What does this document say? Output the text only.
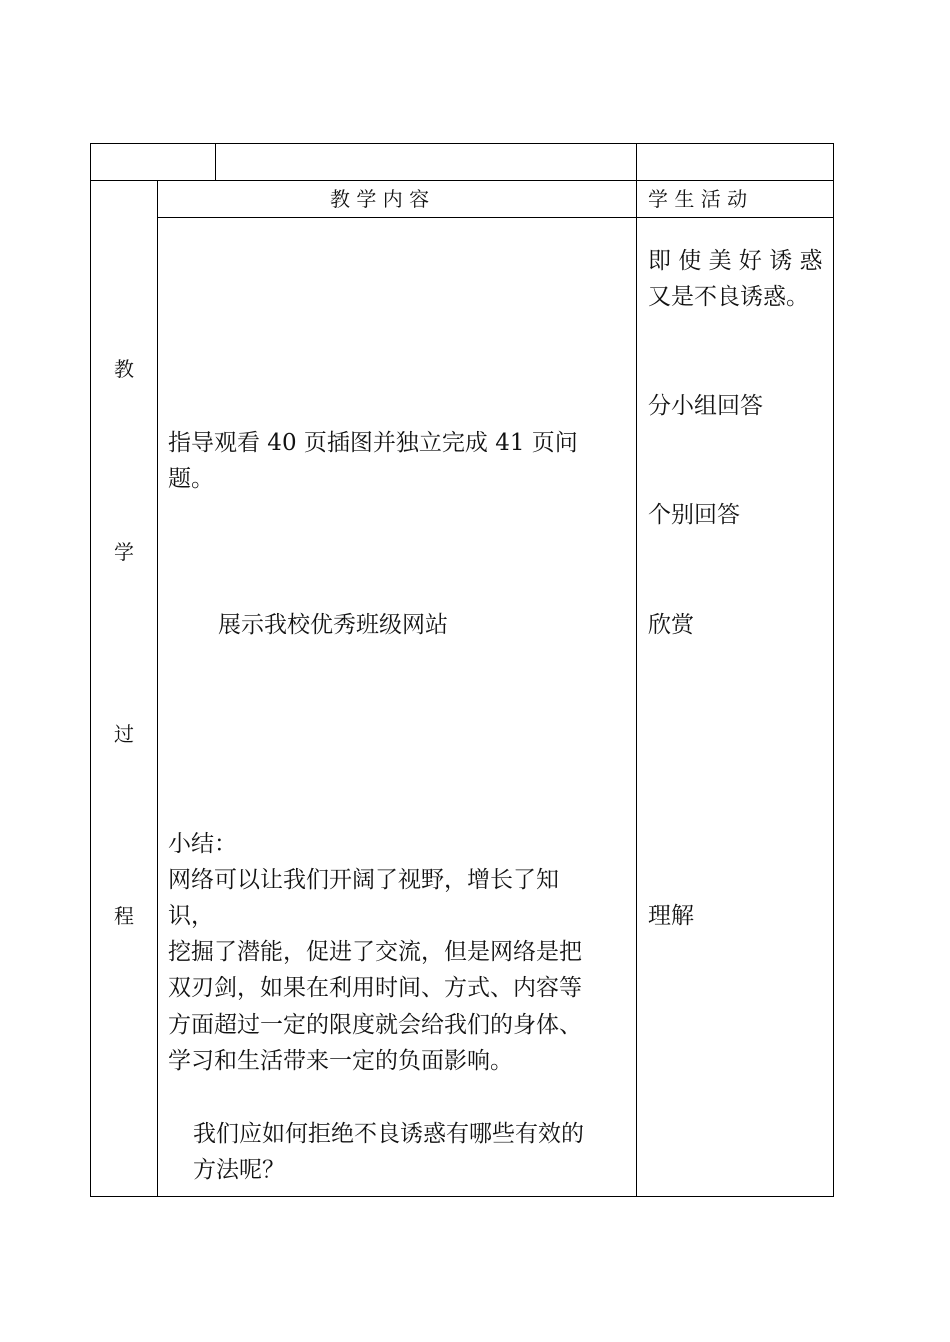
教 学 内 容	学 生 活 动
教
学
过
程
指导观看 40 页插图并独立完成 41 页问
题。
展示我校优秀班级网站
小结：
网络可以让我们开阔了视野，增长了知
识，
挖掘了潜能，促进了交流，但是网络是把
双刃剑，如果在利用时间、方式、内容等
方面超过一定的限度就会给我们的身体、
学习和生活带来一定的负面影响。
我们应如何拒绝不良诱惑有哪些有效的
方法呢？
即 使 美 好 诱 惑
又是不良诱惑。
分小组回答
个别回答
欣赏
理解
